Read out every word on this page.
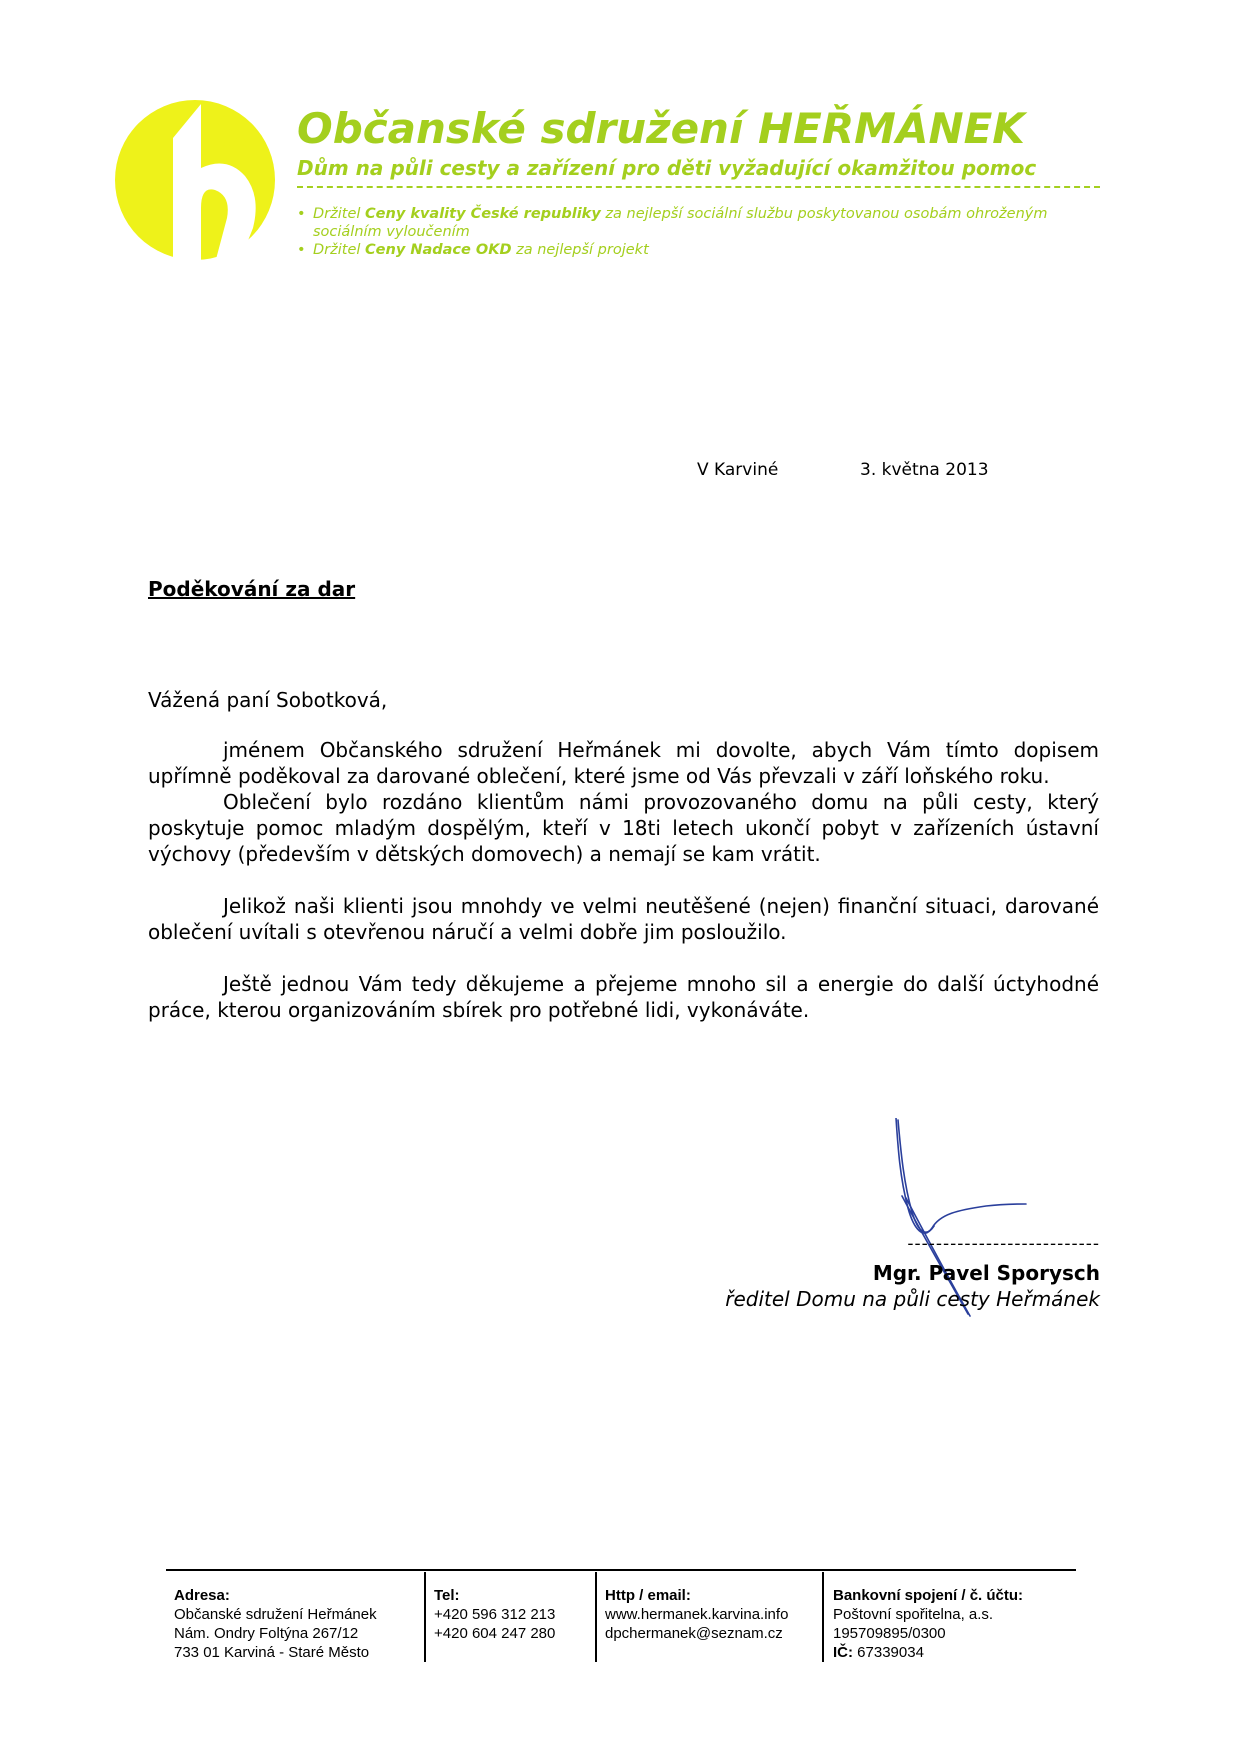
Občanské sdružení HEŘMÁNEK
Dům na půli cesty a zařízení pro děti vyžadující okamžitou pomoc
• Držitel Ceny kvality České republiky za nejlepší sociální službu poskytovanou osobám ohroženým sociálním vyloučením
• Držitel Ceny Nadace OKD za nejlepší projekt
V Karviné	3. května 2013
Poděkování za dar

Vážená paní Sobotková,

jménem Občanského sdružení Heřmánek mi dovolte, abych Vám tímto dopisem upřímně poděkoval za darované oblečení, které jsme od Vás převzali v září loňského roku.

Oblečení bylo rozdáno klientům námi provozovaného domu na půli cesty, který poskytuje pomoc mladým dospělým, kteří v 18ti letech ukončí pobyt v zařízeních ústavní výchovy (především v dětských domovech) a nemají se kam vrátit.

Jelikož naši klienti jsou mnohdy ve velmi neutěšené (nejen) finanční situaci, darované oblečení uvítali s otevřenou náručí a velmi dobře jim posloužilo.

Ještě jednou Vám tedy děkujeme a přejeme mnoho sil a energie do další úctyhodné práce, kterou organizováním sbírek pro potřebné lidi, vykonáváte.

---------------------------

Mgr. Pavel Sporysch

ředitel Domu na půli cesty Heřmánek

Adresa:
Občanské sdružení Heřmánek
Nám. Ondry Foltýna 267/12
733 01 Karviná - Staré Město
Tel:
+420 596 312 213
+420 604 247 280
Http / email:
www.hermanek.karvina.info
dpchermanek@seznam.cz
Bankovní spojení / č. účtu:
Poštovní spořitelna, a.s.
195709895/0300
IČ: 67339034
